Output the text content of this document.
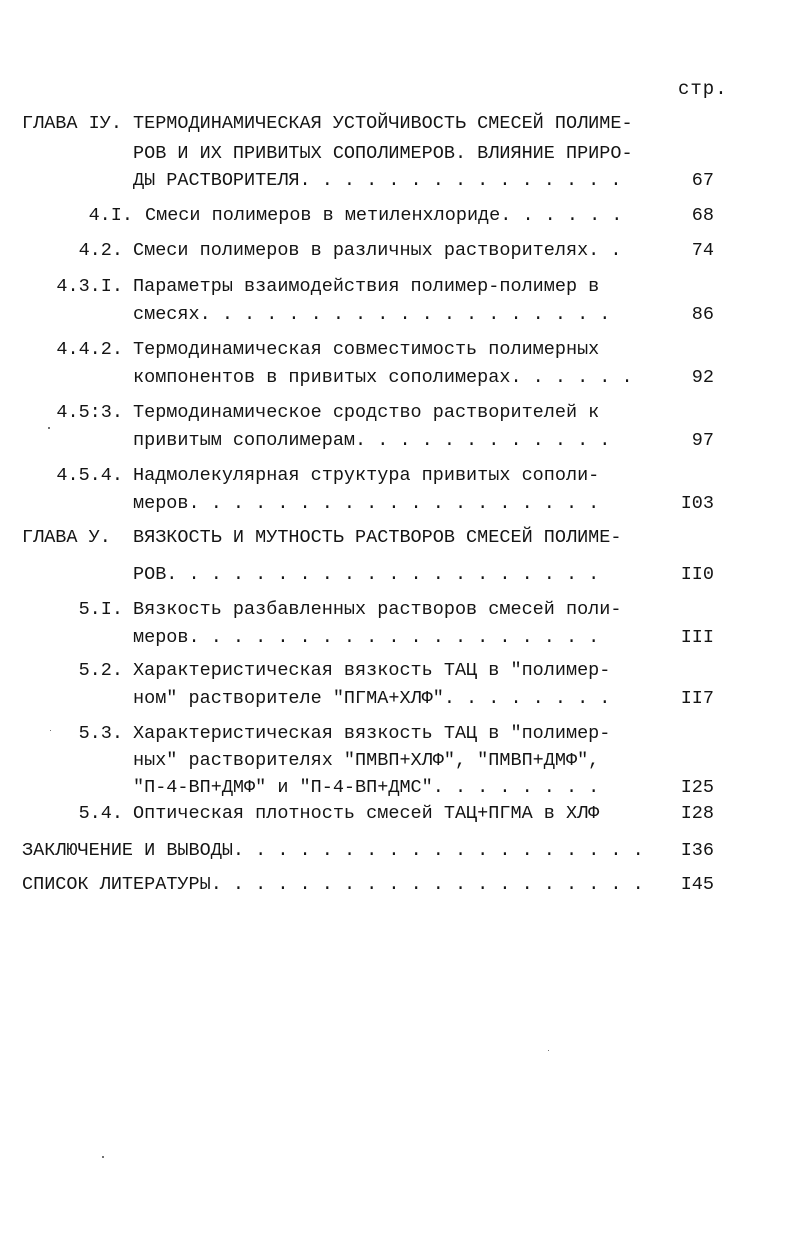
стр.
ГЛАВА IУ. ТЕРМОДИНАМИЧЕСКАЯ УСТОЙЧИВОСТЬ СМЕСЕЙ ПОЛИМЕ-
РОВ И ИХ ПРИВИТЫХ СОПОЛИМЕРОВ. ВЛИЯНИЕ ПРИРО-
ДЫ РАСТВОРИТЕЛЯ. . . . . . . . . . . . . . .	67
4.I. Смеси полимеров в метиленхлориде. . . . . .	68
4.2. Смеси полимеров в различных растворителях. .	74
4.3.I. Параметры взаимодействия полимер-полимер в
смесях. . . . . . . . . . . . . . . . . . .	86
4.4.2. Термодинамическая совместимость полимерных
компонентов в привитых сополимерах. . . . . .	92
4.5:3. Термодинамическое сродство растворителей к
привитым сополимерам. . . . . . . . . . . .	97
4.5.4. Надмолекулярная структура привитых сополи-
меров. . . . . . . . . . . . . . . . . . .	I03
ГЛАВА У. ВЯЗКОСТЬ И МУТНОСТЬ РАСТВОРОВ СМЕСЕЙ ПОЛИМЕ-
РОВ. . . . . . . . . . . . . . . . . . . .	II0
5.I. Вязкость разбавленных растворов смесей поли-
меров. . . . . . . . . . . . . . . . . . .	III
5.2. Характеристическая вязкость ТАЦ в "полимер-
ном" растворителе "ПГМА+ХЛФ". . . . . . . .	II7
5.3. Характеристическая вязкость ТАЦ в "полимер-
ных" растворителях "ПМВП+ХЛФ", "ПМВП+ДМФ",
"П-4-ВП+ДМФ" и "П-4-ВП+ДМС". . . . . . . .	I25
5.4. Оптическая плотность смесей ТАЦ+ПГМА в ХЛФ	I28
ЗАКЛЮЧЕНИЕ И ВЫВОДЫ. . . . . . . . . . . . . . . . . . .	I36
СПИСОК ЛИТЕРАТУРЫ. . . . . . . . . . . . . . . . . . . .	I45
